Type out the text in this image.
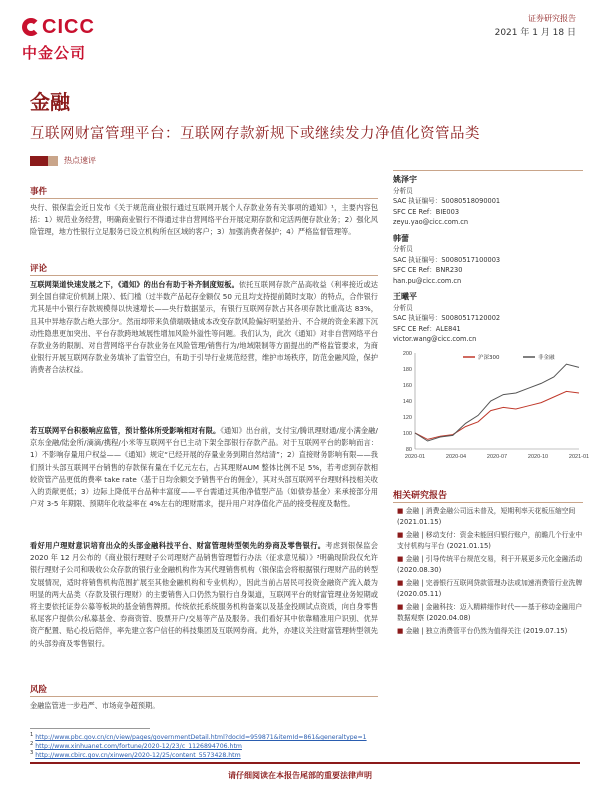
CICC
中金公司
证券研究报告
2021 年 1 月 18 日
金融
互联网财富管理平台：互联网存款新规下或继续发力净值化资管品类
热点速评
事件
央行、银保监会近日发布《关于规范商业银行通过互联网开展个人存款业务有关事项的通知》¹，主要内容包括：1）规范业务经营，明确商业银行不得通过非自营网络平台开展定期存款和定活两便存款业务；2）强化风险管理，地方性银行立足服务已设立机构所在区域的客户；3）加强消费者保护；4）严格监督管理等。
评论
互联网渠道快速发展之下，《通知》的出台有助于补齐制度短板。依托互联网存款产品高收益（利率接近或达到全国自律定价机制上限）、低门槛（过半数产品起存金额仅 50 元且均支持提前随时支取）的特点，合作银行尤其是中小银行存款规模得以快速增长——央行数据显示，有银行互联网存款占其各项存款比重高达 83%，且其中异地存款占绝大部分²。然而却带来负债端吸储成本改变存款风险偏好明显抬升、不合规的资金来源下沉动性隐患更加突出、平台存款跨地域展性增加风险外溢性等问题。我们认为，此次《通知》对非自营网络平台存款业务的限制、对自营网络平台存款业务在风险管理/销售行为/地域限制等方面提出的严格监管要求，为商业银行开展互联网存款业务填补了监管空白，有助于引导行业规范经营，维护市场秩序，防范金融风险，保护消费者合法权益。
若互联网平台积极响应监管，预计整体所受影响相对有限。《通知》出台前，支付宝/腾讯理财通/度小满金融/京东金融/陆金所/滴滴/携程/小米等互联网平台已主动下架全部银行存款产品。对于互联网平台的影响而言：1）不影响存量用户权益——《通知》规定“已经开展的存量业务到期自然结清”；2）直接财务影响有限——我们预计头部互联网平台销售的存款保有量在千亿元左右，占其理财AUM 整体比例不足 5%，若考虑到存款相较资管产品更低的费率 take rate（基于日均余额交予销售平台的佣金），其对头部互联网平台理财科技相关收入的贡献更低；3）边际上降低平台品种丰富度——平台需通过其他净值型产品（如债券基金）来承接部分用户对 3-5 年期限、预期年化收益率在 4%左右的理财需求，提升用户对净值化产品的接受程度及黏性。
看好用户理财意识培育出众的头部金融科技平台、财富管理转型领先的券商及零售银行。考虑到银保监会 2020 年 12 月公布的《商业银行理财子公司理财产品销售管理暂行办法（征求意见稿）》³明确现阶段仅允许银行理财子公司和吸收公众存款的银行业金融机构作为其代理销售机构（银保监会将根据银行理财产品的转型发展情况，适时将销售机构范围扩展至其他金融机构和专业机构），因此当前占居民可投资金融资产流入最为明显的两大品类（存款及银行理财）的主要销售入口仍然为银行自身渠道，互联网平台的财富管理业务短期或将主要依托证券公募等板块的基金销售牌照。传统依托系统服务机构备案以及基金投顾试点资质，向自身零售私尾客户提供公/私募基金、券商资管、股票开户/交易等产品及服务。我们看好其中依靠精准用户识别、优异资产配置、贴心投后陪伴，率先建立客户信任的科技集团及互联网券商。此外，亦建议关注财富管理转型领先的头部券商及零售银行。
风险
金融监管进一步趋严、市场竞争超预期。
$^1$ http://www.pbc.gov.cn/cn/view/pages/governmentDetail.html?docId=959871&itemId=861&generaltype=1
$^2$ http://www.xinhuanet.com/fortune/2020-12/23/c_1126894706.htm
$^3$ http://www.cbirc.gov.cn/xinwen/2020-12/25/content_5573428.htm
姚泽宇
分析员
SAC 执证编号：S0080518090001
SFC CE Ref：BIE003
zeyu.yao@cicc.com.cn
韩蕾
分析员
SAC 执证编号：S0080517100003
SFC CE Ref：BNR230
han.pu@cicc.com.cn
王曦平
分析员
SAC 执证编号：S0080517120002
SFC CE Ref：ALE841
victor.wang@cicc.com.cn
80
100
120
140
160
180
200
2020-01	2020-04	2020-07	2020-10	2021-01
沪深300	非金融
相关研究报告
■ 金融 | 消费金融公司远未普及，短期利率天花板压缩空间 (2021.01.15)
■ 金融 | 移动支付：资金未能回归银行账户，前瞻几个行业中支付机构与平台 (2021.01.15)
■ 金融 | 引导传统平台规范交易，利于开展更多元化金融活动 (2020.08.30)
■ 金融 | 完善银行互联网贷款管理办法或加速消费管行业洗牌 (2020.05.11)
■ 金融 | 金融科技：迈入精耕细作时代——基于移动金融用户数据观察 (2020.04.08)
■ 金融 | 独立消费管平台仍然为值得关注 (2019.07.15)
请仔细阅读在本报告尾部的重要法律声明
